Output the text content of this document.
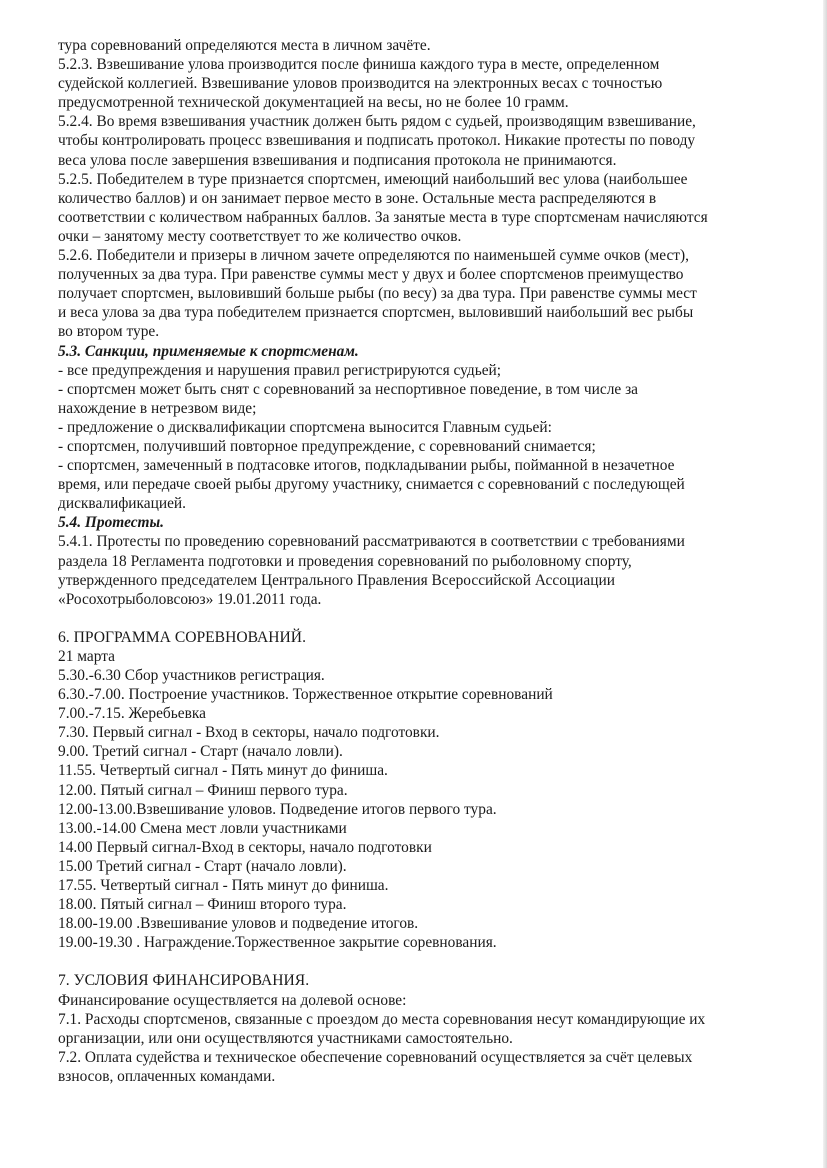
тура соревнований определяются места в личном зачёте.

5.2.3. Взвешивание улова производится после финиша каждого тура в месте, определенном

судейской коллегией. Взвешивание уловов производится на электронных весах с точностью

предусмотренной технической документацией на весы, но не более 10 грамм.

5.2.4. Во время взвешивания участник должен быть рядом с судьей, производящим взвешивание,

чтобы контролировать процесс взвешивания и подписать протокол. Никакие протесты по поводу

веса улова после завершения взвешивания и подписания протокола не принимаются.

5.2.5. Победителем в туре признается спортсмен, имеющий наибольший вес улова (наибольшее

количество баллов) и он занимает первое место в зоне. Остальные места распределяются в

соответствии с количеством набранных баллов. За занятые места в туре спортсменам начисляются

очки – занятому месту соответствует то же количество очков.

5.2.6. Победители и призеры в личном зачете определяются по наименьшей сумме очков (мест),

полученных за два тура. При равенстве суммы мест у двух и более спортсменов преимущество

получает спортсмен, выловивший больше рыбы (по весу) за два тура. При равенстве суммы мест

и веса улова за два тура победителем признается спортсмен, выловивший наибольший вес рыбы

во втором туре.

5.3. Санкции, применяемые к спортсменам.

- все предупреждения и нарушения правил регистрируются судьей;

- спортсмен может быть снят с соревнований за неспортивное поведение, в том числе за

нахождение в нетрезвом виде;

- предложение о дисквалификации спортсмена выносится Главным судьей:

- спортсмен, получивший повторное предупреждение, с соревнований снимается;

- спортсмен, замеченный в подтасовке итогов, подкладывании рыбы, пойманной в незачетное

время, или передаче своей рыбы другому участнику, снимается с соревнований с последующей

дисквалификацией.

5.4. Протесты.

5.4.1. Протесты по проведению соревнований рассматриваются в соответствии с требованиями

раздела 18 Регламента подготовки и проведения соревнований по рыболовному спорту,

утвержденного председателем Центрального Правления Всероссийской Ассоциации

«Росохотрыболовсоюз» 19.01.2011 года.

6. ПРОГРАММА СОРЕВНОВАНИЙ.

21 марта

5.30.-6.30 Сбор участников регистрация.

6.30.-7.00. Построение участников. Торжественное открытие соревнований

7.00.-7.15. Жеребьевка

7.30. Первый сигнал - Вход в секторы, начало подготовки.

9.00. Третий сигнал - Старт (начало ловли).

11.55. Четвертый сигнал - Пять минут до финиша.

12.00. Пятый сигнал – Финиш первого тура.

12.00-13.00.Взвешивание уловов. Подведение итогов первого тура.

13.00.-14.00 Смена мест ловли участниками

14.00 Первый сигнал-Вход в секторы, начало подготовки

15.00 Третий сигнал - Старт (начало ловли).

17.55. Четвертый сигнал - Пять минут до финиша.

18.00. Пятый сигнал – Финиш второго тура.

18.00-19.00 .Взвешивание уловов и подведение итогов.

19.00-19.30 . Награждение.Торжественное закрытие соревнования.

7. УСЛОВИЯ ФИНАНСИРОВАНИЯ.

Финансирование осуществляется на долевой основе:

7.1. Расходы спортсменов, связанные с проездом до места соревнования несут командирующие их

организации, или они осуществляются участниками самостоятельно.

7.2. Оплата судейства и техническое обеспечение соревнований осуществляется за счёт целевых

взносов, оплаченных командами.
